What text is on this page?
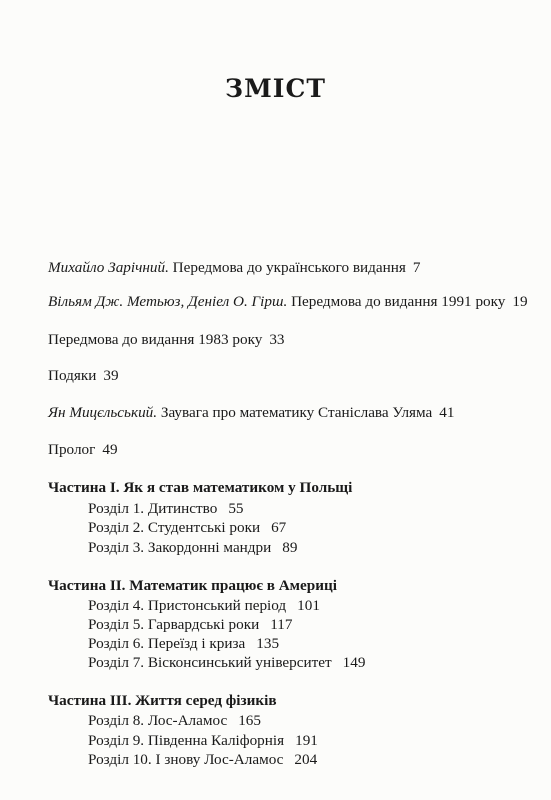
ЗМІСТ
Михайло Зарічний. Передмова до українського видання 7
Вільям Дж. Метьюз, Деніел О. Гірш. Передмова до видання 1991 року 19
Передмова до видання 1983 року 33
Подяки 39
Ян Мицєльський. Заувага про математику Станіслава Уляма 41
Пролог 49
Частина І. Як я став математиком у Польщі
Розділ 1. Дитинство 55
Розділ 2. Студентські роки 67
Розділ 3. Закордонні мандри 89
Частина ІІ. Математик працює в Америці
Розділ 4. Пристонський період 101
Розділ 5. Гарвардські роки 117
Розділ 6. Переїзд і криза 135
Розділ 7. Вісконсинський університет 149
Частина ІІІ. Життя серед фізиків
Розділ 8. Лос-Аламос 165
Розділ 9. Південна Каліфорнія 191
Розділ 10. І знову Лос-Аламос 204
